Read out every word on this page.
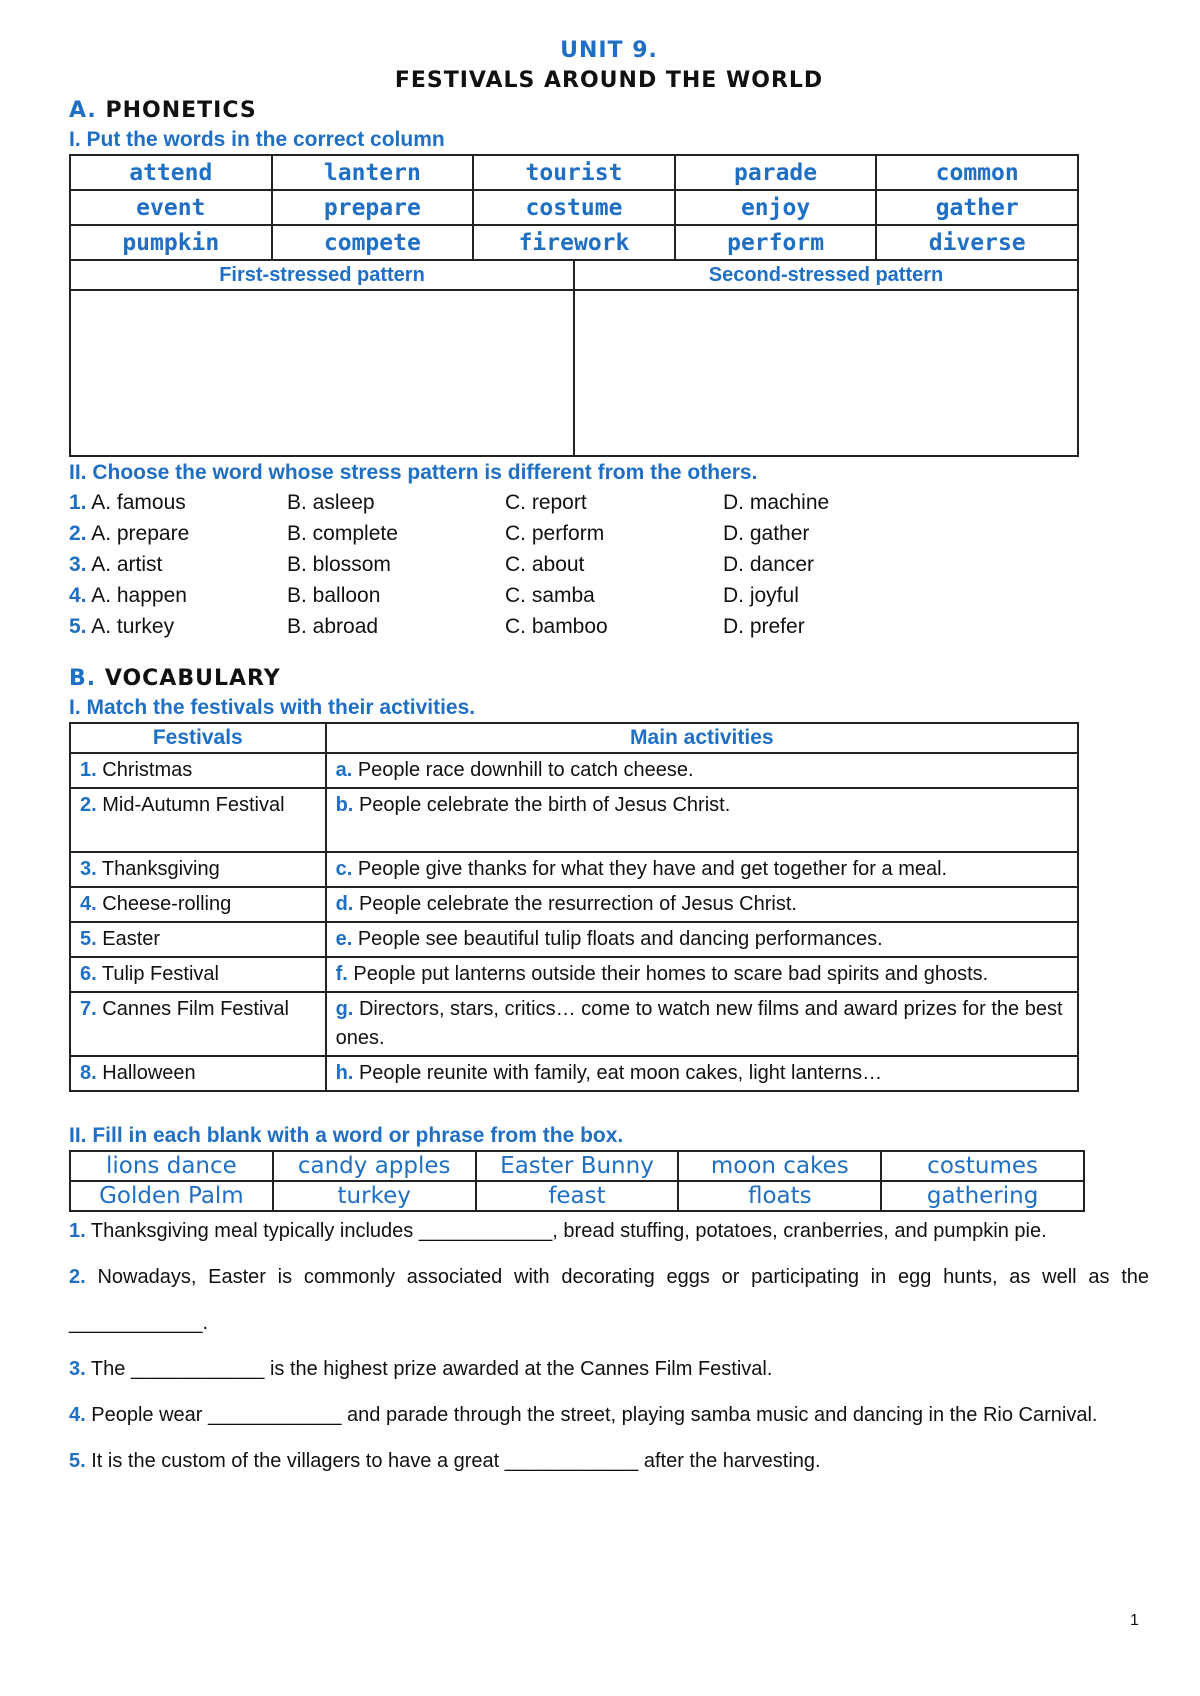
UNIT 9.
FESTIVALS AROUND THE WORLD
A. PHONETICS
I. Put the words in the correct column
attend	lantern	tourist	parade	common
event	prepare	costume	enjoy	gather
pumpkin	compete	firework	perform	diverse
First-stressed pattern	Second-stressed pattern

II. Choose the word whose stress pattern is different from the others.
1. A. famous	B. asleep	C. report	D. machine
2. A. prepare	B. complete	C. perform	D. gather
3. A. artist	B. blossom	C. about	D. dancer
4. A. happen	B. balloon	C. samba	D. joyful
5. A. turkey	B. abroad	C. bamboo	D. prefer
B. VOCABULARY
I. Match the festivals with their activities.
Festivals	Main activities
1. Christmas	a. People race downhill to catch cheese.
2. Mid-Autumn Festival	b. People celebrate the birth of Jesus Christ.
3. Thanksgiving	c. People give thanks for what they have and get together for a meal.
4. Cheese-rolling	d. People celebrate the resurrection of Jesus Christ.
5. Easter	e. People see beautiful tulip floats and dancing performances.
6. Tulip Festival	f. People put lanterns outside their homes to scare bad spirits and ghosts.
7. Cannes Film Festival	g. Directors, stars, critics… come to watch new films and award prizes for the best ones.
8. Halloween	h. People reunite with family, eat moon cakes, light lanterns…
II. Fill in each blank with a word or phrase from the box.
lions dance	candy apples	Easter Bunny	moon cakes	costumes
Golden Palm	turkey	feast	floats	gathering

1. Thanksgiving meal typically includes ____________, bread stuffing, potatoes, cranberries, and pumpkin pie.

2. Nowadays, Easter is commonly associated with decorating eggs or participating in egg hunts, as well as the ____________.

3. The ____________ is the highest prize awarded at the Cannes Film Festival.

4. People wear ____________ and parade through the street, playing samba music and dancing in the Rio Carnival.

5. It is the custom of the villagers to have a great ____________ after the harvesting.

1
